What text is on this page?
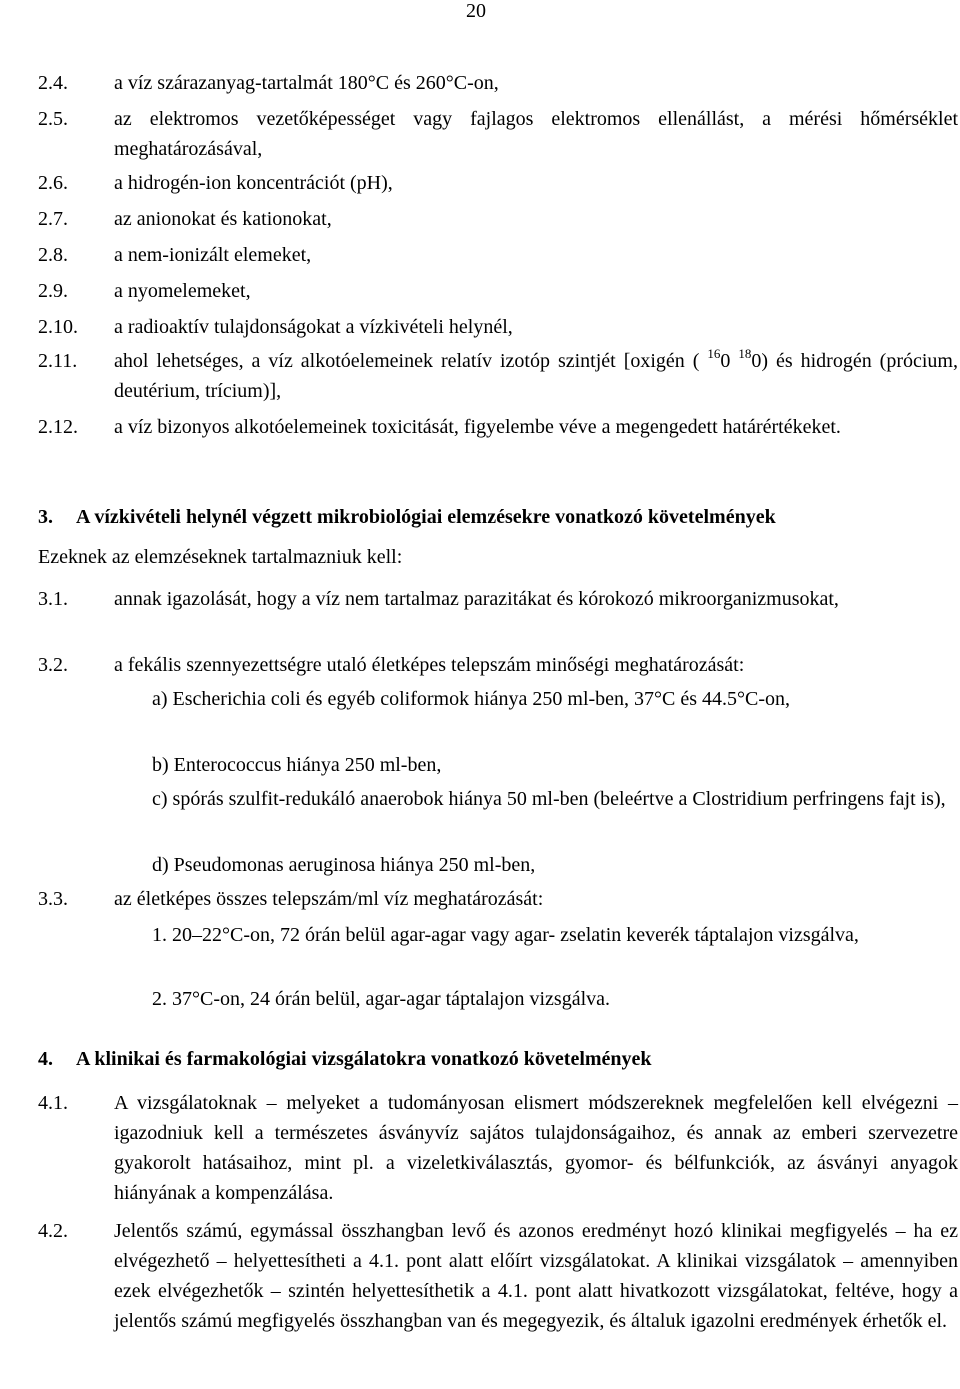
20
2.4. a víz szárazanyag-tartalmát 180°C és 260°C-on,
2.5. az elektromos vezetőképességet vagy fajlagos elektromos ellenállást, a mérési hőmérséklet meghatározásával,
2.6. a hidrogén-ion koncentrációt (pH),
2.7. az anionokat és kationokat,
2.8. a nem-ionizált elemeket,
2.9. a nyomelemeket,
2.10. a radioaktív tulajdonságokat a vízkivételi helynél,
2.11. ahol lehetséges, a víz alkotóelemeinek relatív izotóp szintjét [oxigén ( $^{16}$0 $^{18}$0) és hidrogén (prócium, deutérium, trícium)],
2.12. a víz bizonyos alkotóelemeinek toxicitását, figyelembe véve a megengedett határértékeket.
3. A vízkivételi helynél végzett mikrobiológiai elemzésekre vonatkozó követelmények
Ezeknek az elemzéseknek tartalmazniuk kell:
3.1. annak igazolását, hogy a víz nem tartalmaz parazitákat és kórokozó mikroorganizmusokat,
3.2. a fekális szennyezettségre utaló életképes telepszám minőségi meghatározását:
a) Escherichia coli és egyéb coliformok hiánya 250 ml-ben, 37°C és 44.5°C-on,
b) Enterococcus hiánya 250 ml-ben,
c) spórás szulfit-redukáló anaerobok hiánya 50 ml-ben (beleértve a Clostridium perfringens fajt is),
d) Pseudomonas aeruginosa hiánya 250 ml-ben,
3.3. az életképes összes telepszám/ml víz meghatározását:
1. 20–22°C-on, 72 órán belül agar-agar vagy agar- zselatin keverék táptalajon vizsgálva,
2. 37°C-on, 24 órán belül, agar-agar táptalajon vizsgálva.
4. A klinikai és farmakológiai vizsgálatokra vonatkozó követelmények
4.1. A vizsgálatoknak – melyeket a tudományosan elismert módszereknek megfelelően kell elvégezni – igazodniuk kell a természetes ásványvíz sajátos tulajdonságaihoz, és annak az emberi szervezetre gyakorolt hatásaihoz, mint pl. a vizeletkiválasztás, gyomor- és bélfunkciók, az ásványi anyagok hiányának a kompenzálása.
4.2. Jelentős számú, egymással összhangban levő és azonos eredményt hozó klinikai megfigyelés – ha ez elvégezhető – helyettesítheti a 4.1. pont alatt előírt vizsgálatokat. A klinikai vizsgálatok – amennyiben ezek elvégezhetők – szintén helyettesíthetik a 4.1. pont alatt hivatkozott vizsgálatokat, feltéve, hogy a jelentős számú megfigyelés összhangban van és megegyezik, és általuk igazolni eredmények érhetők el.
